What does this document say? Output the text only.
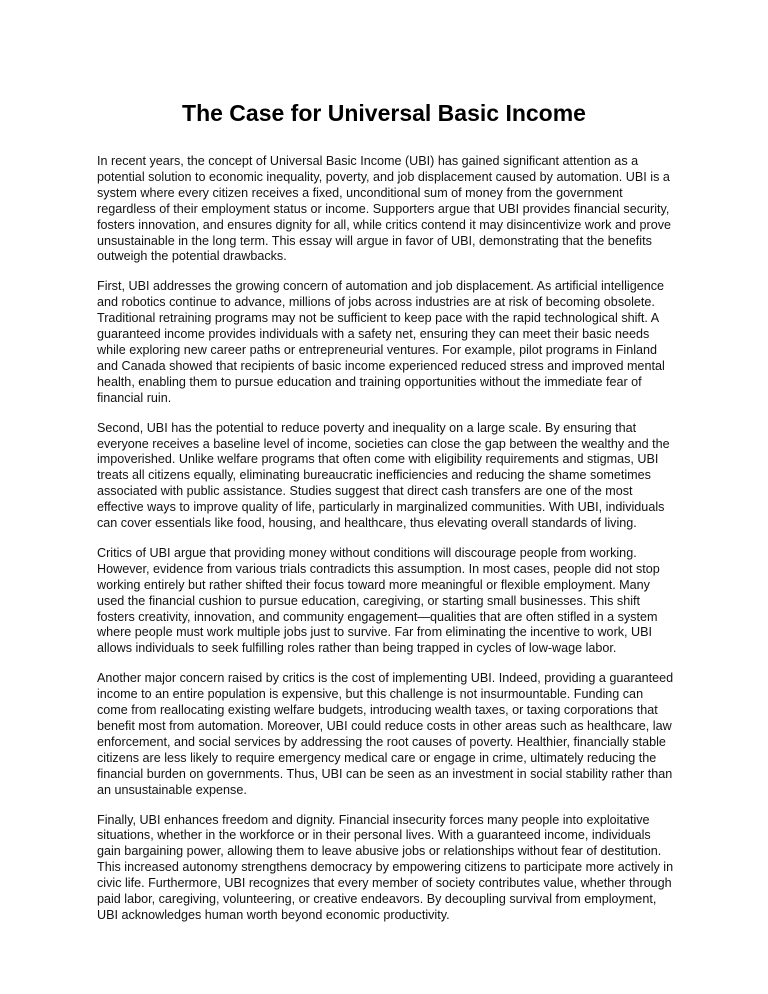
The Case for Universal Basic Income

In recent years, the concept of Universal Basic Income (UBI) has gained significant attention as a potential solution to economic inequality, poverty, and job displacement caused by automation. UBI is a system where every citizen receives a fixed, unconditional sum of money from the government regardless of their employment status or income. Supporters argue that UBI provides financial security, fosters innovation, and ensures dignity for all, while critics contend it may disincentivize work and prove unsustainable in the long term. This essay will argue in favor of UBI, demonstrating that the benefits outweigh the potential drawbacks.

First, UBI addresses the growing concern of automation and job displacement. As artificial intelligence and robotics continue to advance, millions of jobs across industries are at risk of becoming obsolete. Traditional retraining programs may not be sufficient to keep pace with the rapid technological shift. A guaranteed income provides individuals with a safety net, ensuring they can meet their basic needs while exploring new career paths or entrepreneurial ventures. For example, pilot programs in Finland and Canada showed that recipients of basic income experienced reduced stress and improved mental health, enabling them to pursue education and training opportunities without the immediate fear of financial ruin.

Second, UBI has the potential to reduce poverty and inequality on a large scale. By ensuring that everyone receives a baseline level of income, societies can close the gap between the wealthy and the impoverished. Unlike welfare programs that often come with eligibility requirements and stigmas, UBI treats all citizens equally, eliminating bureaucratic inefficiencies and reducing the shame sometimes associated with public assistance. Studies suggest that direct cash transfers are one of the most effective ways to improve quality of life, particularly in marginalized communities. With UBI, individuals can cover essentials like food, housing, and healthcare, thus elevating overall standards of living.

Critics of UBI argue that providing money without conditions will discourage people from working. However, evidence from various trials contradicts this assumption. In most cases, people did not stop working entirely but rather shifted their focus toward more meaningful or flexible employment. Many used the financial cushion to pursue education, caregiving, or starting small businesses. This shift fosters creativity, innovation, and community engagement—qualities that are often stifled in a system where people must work multiple jobs just to survive. Far from eliminating the incentive to work, UBI allows individuals to seek fulfilling roles rather than being trapped in cycles of low-wage labor.

Another major concern raised by critics is the cost of implementing UBI. Indeed, providing a guaranteed income to an entire population is expensive, but this challenge is not insurmountable. Funding can come from reallocating existing welfare budgets, introducing wealth taxes, or taxing corporations that benefit most from automation. Moreover, UBI could reduce costs in other areas such as healthcare, law enforcement, and social services by addressing the root causes of poverty. Healthier, financially stable citizens are less likely to require emergency medical care or engage in crime, ultimately reducing the financial burden on governments. Thus, UBI can be seen as an investment in social stability rather than an unsustainable expense.

Finally, UBI enhances freedom and dignity. Financial insecurity forces many people into exploitative situations, whether in the workforce or in their personal lives. With a guaranteed income, individuals gain bargaining power, allowing them to leave abusive jobs or relationships without fear of destitution. This increased autonomy strengthens democracy by empowering citizens to participate more actively in civic life. Furthermore, UBI recognizes that every member of society contributes value, whether through paid labor, caregiving, volunteering, or creative endeavors. By decoupling survival from employment, UBI acknowledges human worth beyond economic productivity.
